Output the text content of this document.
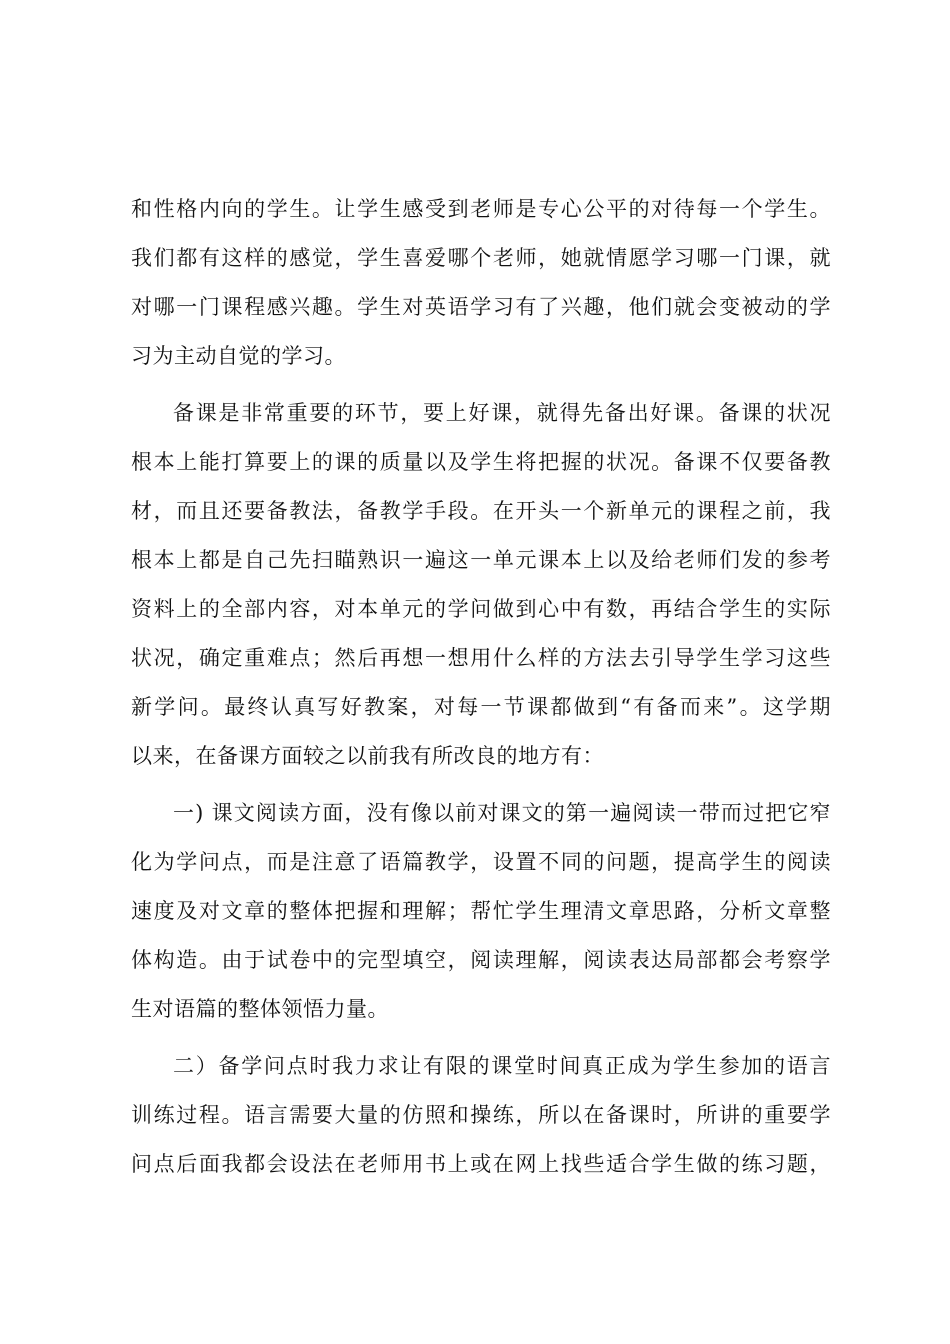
和性格内向的学生。让学生感受到老师是专心公平的对待每一个学生。
我们都有这样的感觉，学生喜爱哪个老师，她就情愿学习哪一门课，就
对哪一门课程感兴趣。学生对英语学习有了兴趣，他们就会变被动的学
习为主动自觉的学习。
备课是非常重要的环节，要上好课，就得先备出好课。备课的状况
根本上能打算要上的课的质量以及学生将把握的状况。备课不仅要备教
材，而且还要备教法，备教学手段。在开头一个新单元的课程之前，我
根本上都是自己先扫瞄熟识一遍这一单元课本上以及给老师们发的参考
资料上的全部内容，对本单元的学问做到心中有数，再结合学生的实际
状况，确定重难点；然后再想一想用什么样的方法去引导学生学习这些
新学问。最终认真写好教案，对每一节课都做到“有备而来”。这学期
以来，在备课方面较之以前我有所改良的地方有：
一) 课文阅读方面，没有像以前对课文的第一遍阅读一带而过把它窄
化为学问点，而是注意了语篇教学，设置不同的问题，提高学生的阅读
速度及对文章的整体把握和理解；帮忙学生理清文章思路，分析文章整
体构造。由于试卷中的完型填空，阅读理解，阅读表达局部都会考察学
生对语篇的整体领悟力量。
二）备学问点时我力求让有限的课堂时间真正成为学生参加的语言
训练过程。语言需要大量的仿照和操练，所以在备课时，所讲的重要学
问点后面我都会设法在老师用书上或在网上找些适合学生做的练习题，
